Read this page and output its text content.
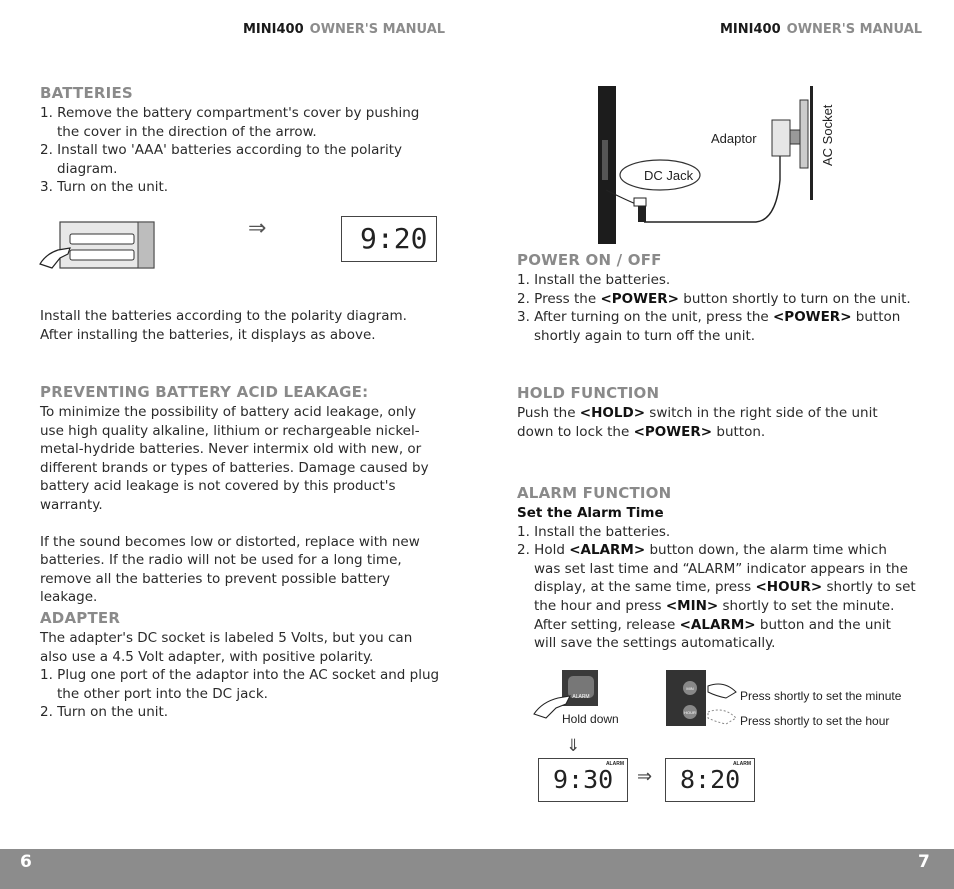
MINI400 OWNER'S MANUAL	MINI400 OWNER'S MANUAL
BATTERIES
1. Remove the battery compartment's cover by pushing the cover in the direction of the arrow.
2. Install two 'AAA' batteries according to the polarity diagram.
3. Turn on the unit.
⇒	9:20
Install the batteries according to the polarity diagram.
After installing the batteries, it displays as above.
PREVENTING BATTERY ACID LEAKAGE:
To minimize the possibility of battery acid leakage, only use high quality alkaline, lithium or rechargeable nickel-metal-hydride batteries. Never intermix old with new, or different brands or types of batteries. Damage caused by battery acid leakage is not covered by this product's warranty.
If the sound becomes low or distorted, replace with new batteries. If the radio will not be used for a long time, remove all the batteries to prevent possible battery leakage.
ADAPTER
The adapter's DC socket is labeled 5 Volts, but you can also use a 4.5 Volt adapter, with positive polarity.
1. Plug one port of the adaptor into the AC socket and plug the other port into the DC jack.
2. Turn on the unit.
Adaptor
DC Jack
AC Socket
POWER ON / OFF
1. Install the batteries.
2. Press the <POWER> button shortly to turn on the unit.
3. After turning on the unit, press the <POWER> button shortly again to turn off the unit.
HOLD FUNCTION
Push the <HOLD> switch in the right side of the unit down to lock the <POWER> button.
ALARM FUNCTION
Set the Alarm Time
1. Install the batteries.
2. Hold <ALARM> button down, the alarm time which was set last time and “ALARM” indicator appears in the display, at the same time, press <HOUR> shortly to set the hour and press <MIN> shortly to set the minute. After setting, release <ALARM> button and the unit will save the settings automatically.
ALARM
Hold down
MIN
HOUR
Press shortly to set the minute
Press shortly to set the hour
⇓
9:30
ALARM
⇒ 8:20
ALARM
6	7
